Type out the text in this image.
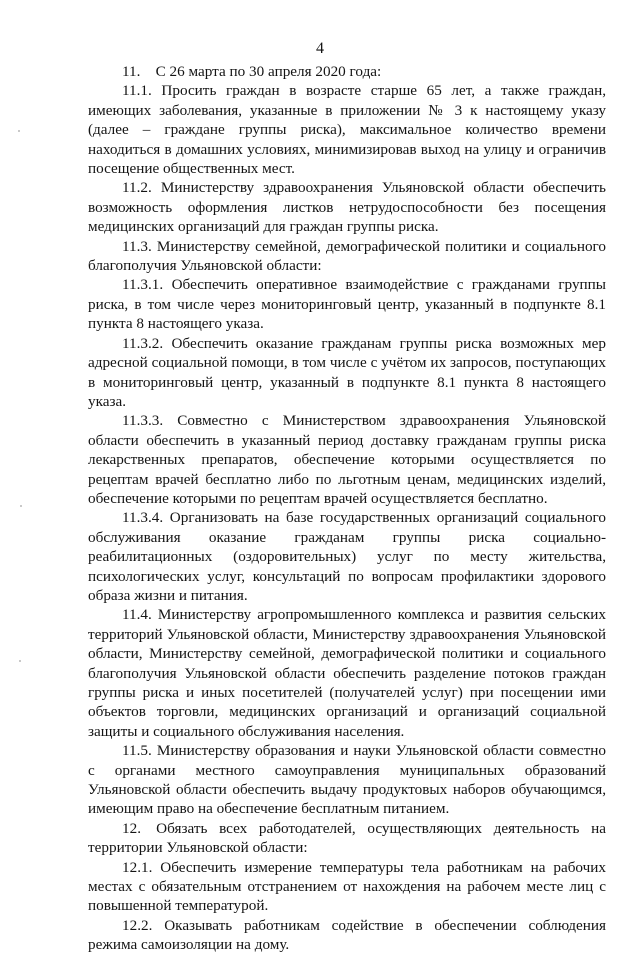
4

11. С 26 марта по 30 апреля 2020 года:

11.1. Просить граждан в возрасте старше 65 лет, а также граждан, имеющих заболевания, указанные в приложении № 3 к настоящему указу (далее – граждане группы риска), максимальное количество времени находиться в домашних условиях, минимизировав выход на улицу и ограничив посещение общественных мест.

11.2. Министерству здравоохранения Ульяновской области обеспечить возможность оформления листков нетрудоспособности без посещения медицинских организаций для граждан группы риска.

11.3. Министерству семейной, демографической политики и социального благополучия Ульяновской области:

11.3.1. Обеспечить оперативное взаимодействие с гражданами группы риска, в том числе через мониторинговый центр, указанный в подпункте 8.1 пункта 8 настоящего указа.

11.3.2. Обеспечить оказание гражданам группы риска возможных мер адресной социальной помощи, в том числе с учётом их запросов, поступающих в мониторинговый центр, указанный в подпункте 8.1 пункта 8 настоящего указа.

11.3.3. Совместно с Министерством здравоохранения Ульяновской области обеспечить в указанный период доставку гражданам группы риска лекарственных препаратов, обеспечение которыми осуществляется по рецептам врачей бесплатно либо по льготным ценам, медицинских изделий, обеспечение которыми по рецептам врачей осуществляется бесплатно.

11.3.4. Организовать на базе государственных организаций социального обслуживания оказание гражданам группы риска социально-реабилитационных (оздоровительных) услуг по месту жительства, психологических услуг, консультаций по вопросам профилактики здорового образа жизни и питания.

11.4. Министерству агропромышленного комплекса и развития сельских территорий Ульяновской области, Министерству здравоохранения Ульяновской области, Министерству семейной, демографической политики и социального благополучия Ульяновской области обеспечить разделение потоков граждан группы риска и иных посетителей (получателей услуг) при посещении ими объектов торговли, медицинских организаций и организаций социальной защиты и социального обслуживания населения.

11.5. Министерству образования и науки Ульяновской области совместно с органами местного самоуправления муниципальных образований Ульяновской области обеспечить выдачу продуктовых наборов обучающимся, имеющим право на обеспечение бесплатным питанием.

12. Обязать всех работодателей, осуществляющих деятельность на территории Ульяновской области:

12.1. Обеспечить измерение температуры тела работникам на рабочих местах с обязательным отстранением от нахождения на рабочем месте лиц с повышенной температурой.

12.2. Оказывать работникам содействие в обеспечении соблюдения режима самоизоляции на дому.
